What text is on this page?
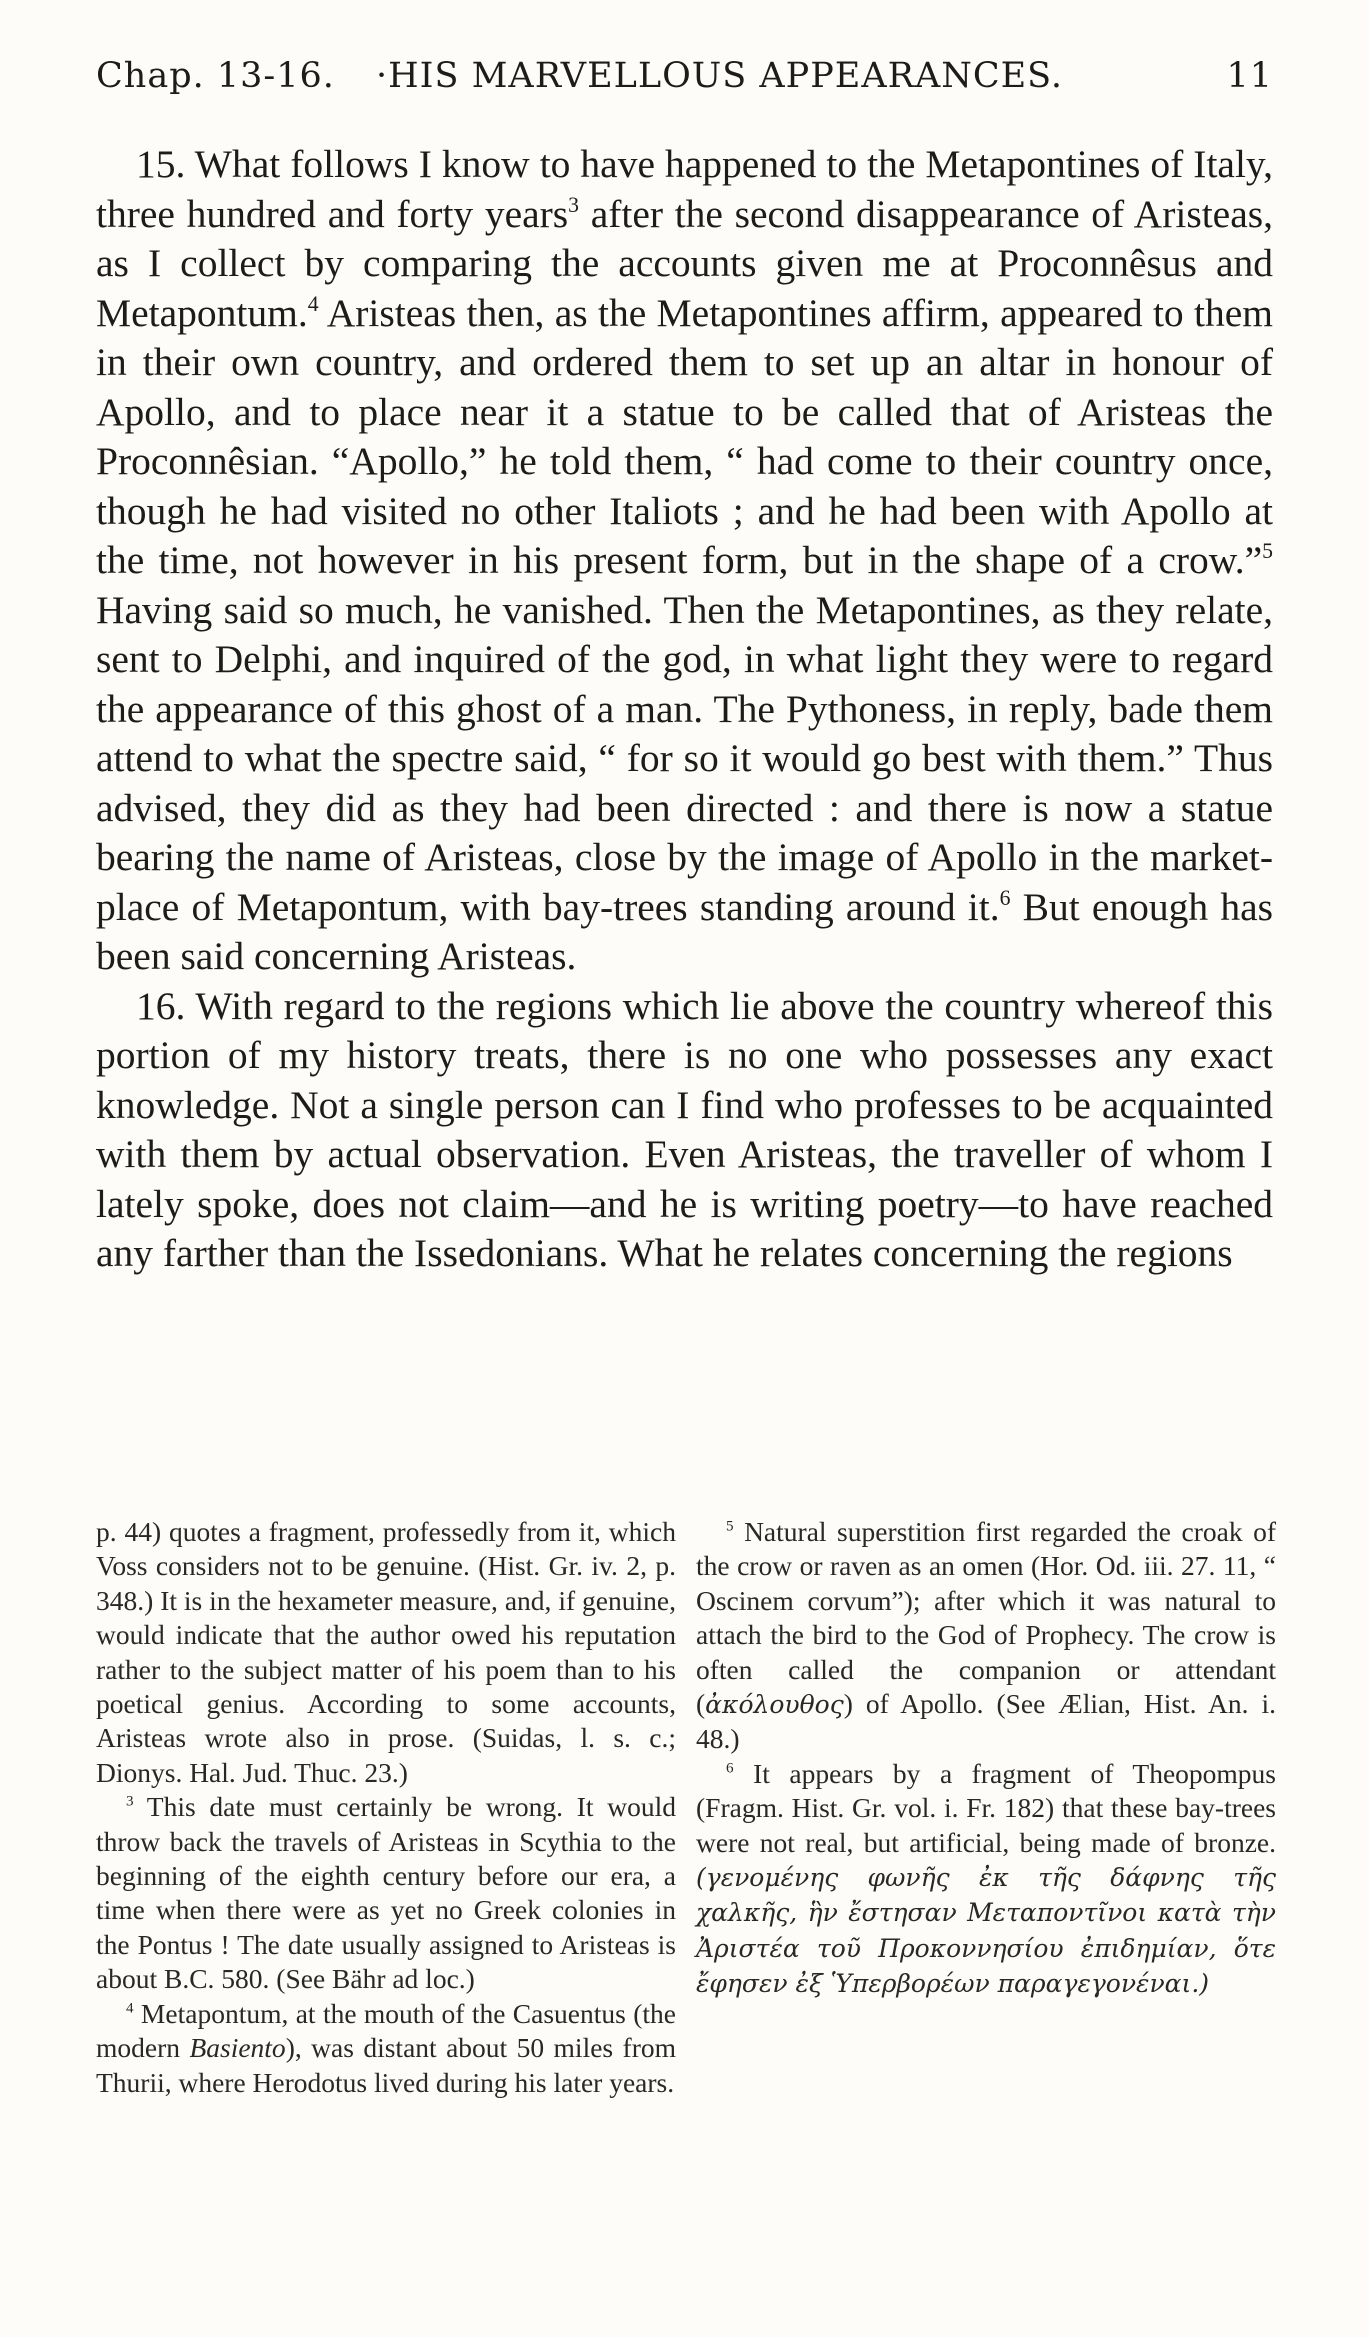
Chap. 13-16. ·HIS MARVELLOUS APPEARANCES.	11

15. What follows I know to have happened to the Metapontines of Italy, three hundred and forty years$^3$ after the second disappearance of Aristeas, as I collect by comparing the accounts given me at Proconnêsus and Metapontum.$^4$ Aristeas then, as the Metapontines affirm, appeared to them in their own country, and ordered them to set up an altar in honour of Apollo, and to place near it a statue to be called that of Aristeas the Proconnêsian. “Apollo,” he told them, “ had come to their country once, though he had visited no other Italiots ; and he had been with Apollo at the time, not however in his present form, but in the shape of a crow.”$^5$ Having said so much, he vanished. Then the Metapontines, as they relate, sent to Delphi, and inquired of the god, in what light they were to regard the appearance of this ghost of a man. The Pythoness, in reply, bade them attend to what the spectre said, “ for so it would go best with them.” Thus advised, they did as they had been directed : and there is now a statue bearing the name of Aristeas, close by the image of Apollo in the market-place of Metapontum, with bay-trees standing around it.$^6$ But enough has been said concerning Aristeas.

16. With regard to the regions which lie above the country whereof this portion of my history treats, there is no one who possesses any exact knowledge. Not a single person can I find who professes to be acquainted with them by actual observation. Even Aristeas, the traveller of whom I lately spoke, does not claim—and he is writing poetry—to have reached any farther than the Issedonians. What he relates concerning the regions

p. 44) quotes a fragment, professedly from it, which Voss considers not to be genuine. (Hist. Gr. iv. 2, p. 348.) It is in the hexameter measure, and, if genuine, would indicate that the author owed his reputation rather to the subject matter of his poem than to his poetical genius. According to some accounts, Aristeas wrote also in prose. (Suidas, l. s. c.; Dionys. Hal. Jud. Thuc. 23.)

$^3$ This date must certainly be wrong. It would throw back the travels of Aristeas in Scythia to the beginning of the eighth century before our era, a time when there were as yet no Greek colonies in the Pontus ! The date usually assigned to Aristeas is about B.C. 580. (See Bähr ad loc.)

$^4$ Metapontum, at the mouth of the Casuentus (the modern Basiento), was distant about 50 miles from Thurii, where Herodotus lived during his later years.

$^5$ Natural superstition first regarded the croak of the crow or raven as an omen (Hor. Od. iii. 27. 11, “ Oscinem corvum”); after which it was natural to attach the bird to the God of Prophecy. The crow is often called the companion or attendant (ἀκόλουθος) of Apollo. (See Ælian, Hist. An. i. 48.)

$^6$ It appears by a fragment of Theopompus (Fragm. Hist. Gr. vol. i. Fr. 182) that these bay-trees were not real, but artificial, being made of bronze. (γενομένης φωνῆς ἐκ τῆς δάφνης τῆς χαλκῆς, ἣν ἔστησαν Μεταποντῖνοι κατὰ τὴν Ἀριστέα τοῦ Προκοννησίου ἐπιδημίαν, ὅτε ἔφησεν ἐξ Ὑπερβορέων παραγεγονέναι.)
